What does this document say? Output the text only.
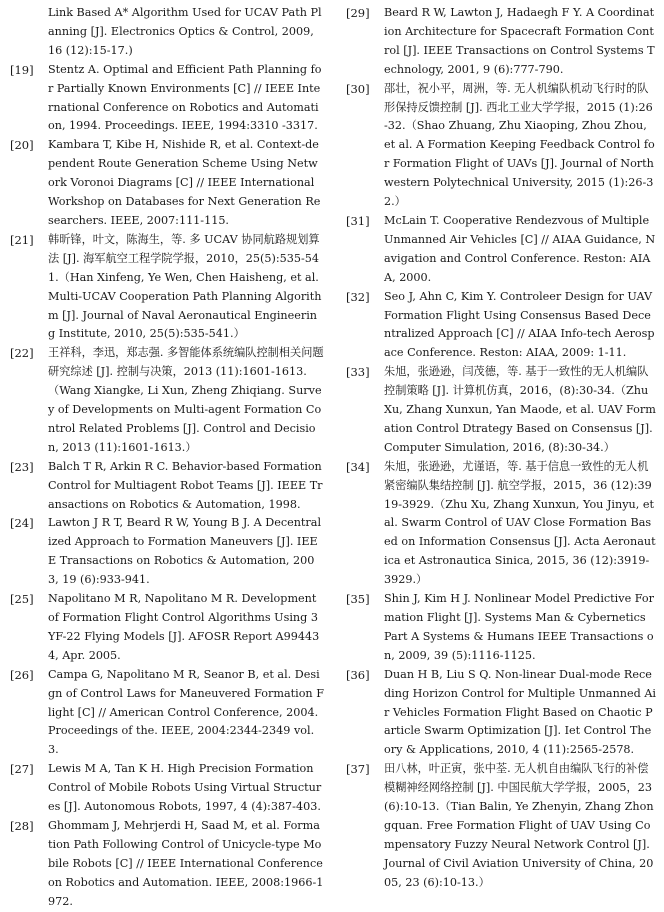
Link Based A* Algorithm Used for UCAV Path Planning [J]. Electronics Optics & Control, 2009, 16 (12):15-17.)
[19]	Stentz A. Optimal and Efficient Path Planning for Partially Known Environments [C] // IEEE International Conference on Robotics and Automation, 1994. Proceedings. IEEE, 1994:3310 -3317.
[20]	Kambara T, Kibe H, Nishide R, et al. Context-dependent Route Generation Scheme Using Network Voronoi Diagrams [C] // IEEE International Workshop on Databases for Next Generation Researchers. IEEE, 2007:111-115.
[21]	韩昕锋，叶文，陈海生，等. 多 UCAV 协同航路规划算法 [J]. 海军航空工程学院学报，2010，25(5):535-541.（Han Xinfeng, Ye Wen, Chen Haisheng, et al. Multi-UCAV Cooperation Path Planning Algorithm [J]. Journal of Naval Aeronautical Engineering Institute, 2010, 25(5):535-541.）
[22]	王祥科，李迅，郑志强. 多智能体系统编队控制相关问题研究综述 [J]. 控制与决策，2013 (11):1601-1613.（Wang Xiangke, Li Xun, Zheng Zhiqiang. Survey of Developments on Multi-agent Formation Control Related Problems [J]. Control and Decision, 2013 (11):1601-1613.）
[23]	Balch T R, Arkin R C. Behavior-based Formation Control for Multiagent Robot Teams [J]. IEEE Transactions on Robotics & Automation, 1998.
[24]	Lawton J R T, Beard R W, Young B J. A Decentralized Approach to Formation Maneuvers [J]. IEEE Transactions on Robotics & Automation, 2003, 19 (6):933-941.
[25]	Napolitano M R, Napolitano M R. Development of Formation Flight Control Algorithms Using 3 YF-22 Flying Models [J]. AFOSR Report A994434, Apr. 2005.
[26]	Campa G, Napolitano M R, Seanor B, et al. Design of Control Laws for Maneuvered Formation Flight [C] // American Control Conference, 2004. Proceedings of the. IEEE, 2004:2344-2349 vol. 3.
[27]	Lewis M A, Tan K H. High Precision Formation Control of Mobile Robots Using Virtual Structures [J]. Autonomous Robots, 1997, 4 (4):387-403.
[28]	Ghommam J, Mehrjerdi H, Saad M, et al. Formation Path Following Control of Unicycle-type Mobile Robots [C] // IEEE International Conference on Robotics and Automation. IEEE, 2008:1966-1972.
[29]	Beard R W, Lawton J, Hadaegh F Y. A Coordination Architecture for Spacecraft Formation Control [J]. IEEE Transactions on Control Systems Technology, 2001, 9 (6):777-790.
[30]	邵壮，祝小平，周洲，等. 无人机编队机动飞行时的队形保持反馈控制 [J]. 西北工业大学学报，2015 (1):26-32.（Shao Zhuang, Zhu Xiaoping, Zhou Zhou, et al. A Formation Keeping Feedback Control for Formation Flight of UAVs [J]. Journal of Northwestern Polytechnical University, 2015 (1):26-32.）
[31]	McLain T. Cooperative Rendezvous of Multiple Unmanned Air Vehicles [C] // AIAA Guidance, Navigation and Control Conference. Reston: AIAA, 2000.
[32]	Seo J, Ahn C, Kim Y. Controleer Design for UAV Formation Flight Using Consensus Based Decentralized Approach [C] // AIAA Info-tech Aerospace Conference. Reston: AIAA, 2009: 1-11.
[33]	朱旭，张逊逊，闫茂德，等. 基于一致性的无人机编队控制策略 [J]. 计算机仿真，2016，(8):30-34.（Zhu Xu, Zhang Xunxun, Yan Maode, et al. UAV Formation Control Dtrategy Based on Consensus [J]. Computer Simulation, 2016, (8):30-34.）
[34]	朱旭，张逊逊，尤谨语，等. 基于信息一致性的无人机紧密编队集结控制 [J]. 航空学报，2015，36 (12):3919-3929.（Zhu Xu, Zhang Xunxun, You Jinyu, et al. Swarm Control of UAV Close Formation Based on Information Consensus [J]. Acta Aeronautica et Astronautica Sinica, 2015, 36 (12):3919-3929.）
[35]	Shin J, Kim H J. Nonlinear Model Predictive Formation Flight [J]. Systems Man & Cybernetics Part A Systems & Humans IEEE Transactions on, 2009, 39 (5):1116-1125.
[36]	Duan H B, Liu S Q. Non-linear Dual-mode Receding Horizon Control for Multiple Unmanned Air Vehicles Formation Flight Based on Chaotic Particle Swarm Optimization [J]. Iet Control Theory & Applications, 2010, 4 (11):2565-2578.
[37]	田八林，叶正寅，张中荃. 无人机自由编队飞行的补偿模糊神经网络控制 [J]. 中国民航大学学报，2005，23 (6):10-13.（Tian Balin, Ye Zhenyin, Zhang Zhongquan. Free Formation Flight of UAV Using Compensatory Fuzzy Neural Network Control [J]. Journal of Civil Aviation University of China, 2005, 23 (6):10-13.）
